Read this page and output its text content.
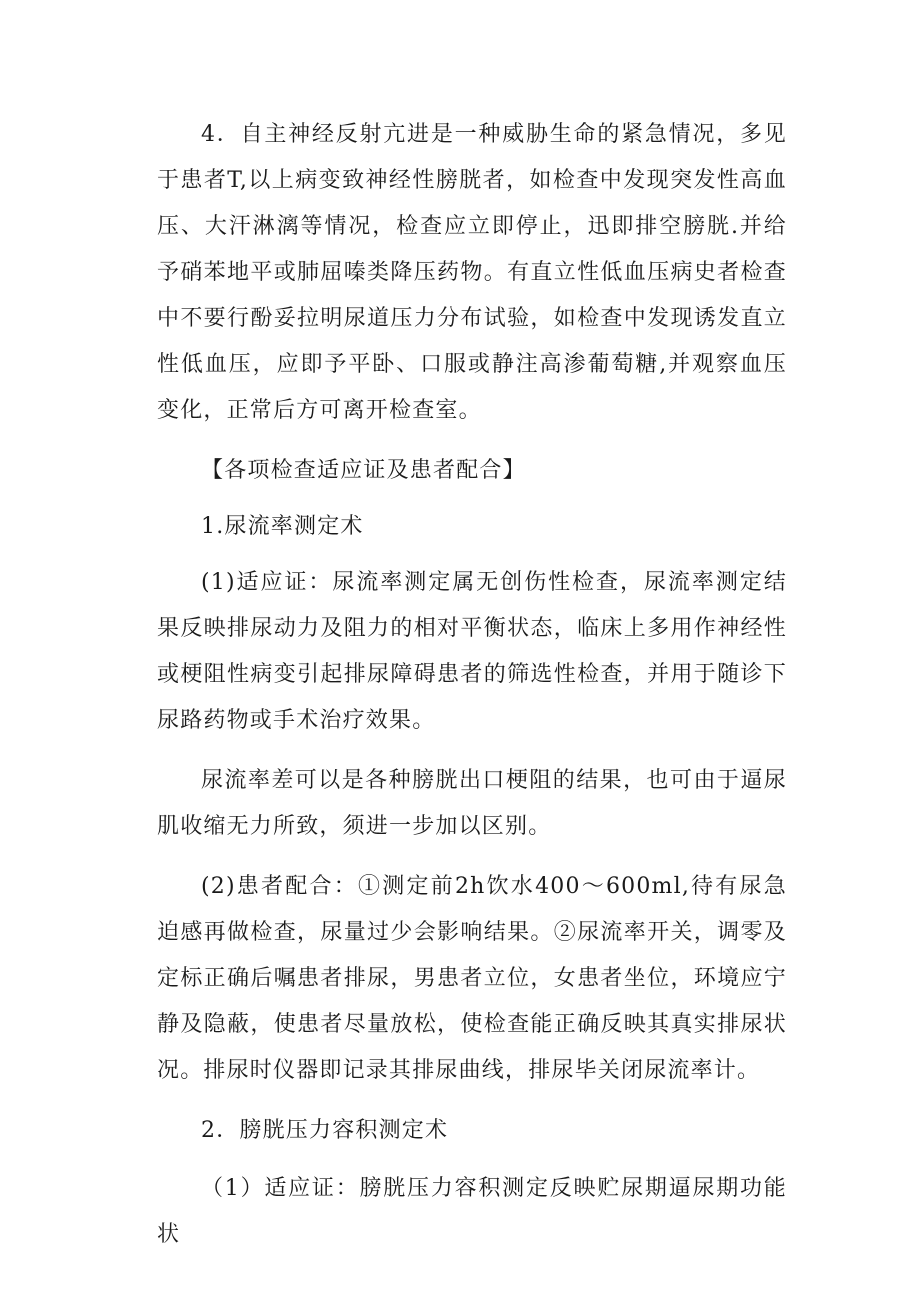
4．自主神经反射亢进是一种威胁生命的紧急情况，多见于患者T,以上病变致神经性膀胱者，如检查中发现突发性高血压、大汗淋漓等情况，检查应立即停止，迅即排空膀胱.并给予硝苯地平或肺屈嗪类降压药物。有直立性低血压病史者检查中不要行酚妥拉明尿道压力分布试验，如检查中发现诱发直立性低血压，应即予平卧、口服或静注高渗葡萄糖,并观察血压变化，正常后方可离开检查室。

【各项检查适应证及患者配合】

1.尿流率测定术

(1)适应证：尿流率测定属无创伤性检查，尿流率测定结果反映排尿动力及阻力的相对平衡状态，临床上多用作神经性或梗阻性病变引起排尿障碍患者的筛选性检查，并用于随诊下尿路药物或手术治疗效果。

尿流率差可以是各种膀胱出口梗阻的结果，也可由于逼尿肌收缩无力所致，须进一步加以区别。

(2)患者配合：①测定前2h饮水400～600ml,待有尿急迫感再做检查，尿量过少会影响结果。②尿流率开关，调零及定标正确后嘱患者排尿，男患者立位，女患者坐位，环境应宁静及隐蔽，使患者尽量放松，使检查能正确反映其真实排尿状况。排尿时仪器即记录其排尿曲线，排尿毕关闭尿流率计。

2．膀胱压力容积测定术

（1）适应证：膀胱压力容积测定反映贮尿期逼尿期功能状
